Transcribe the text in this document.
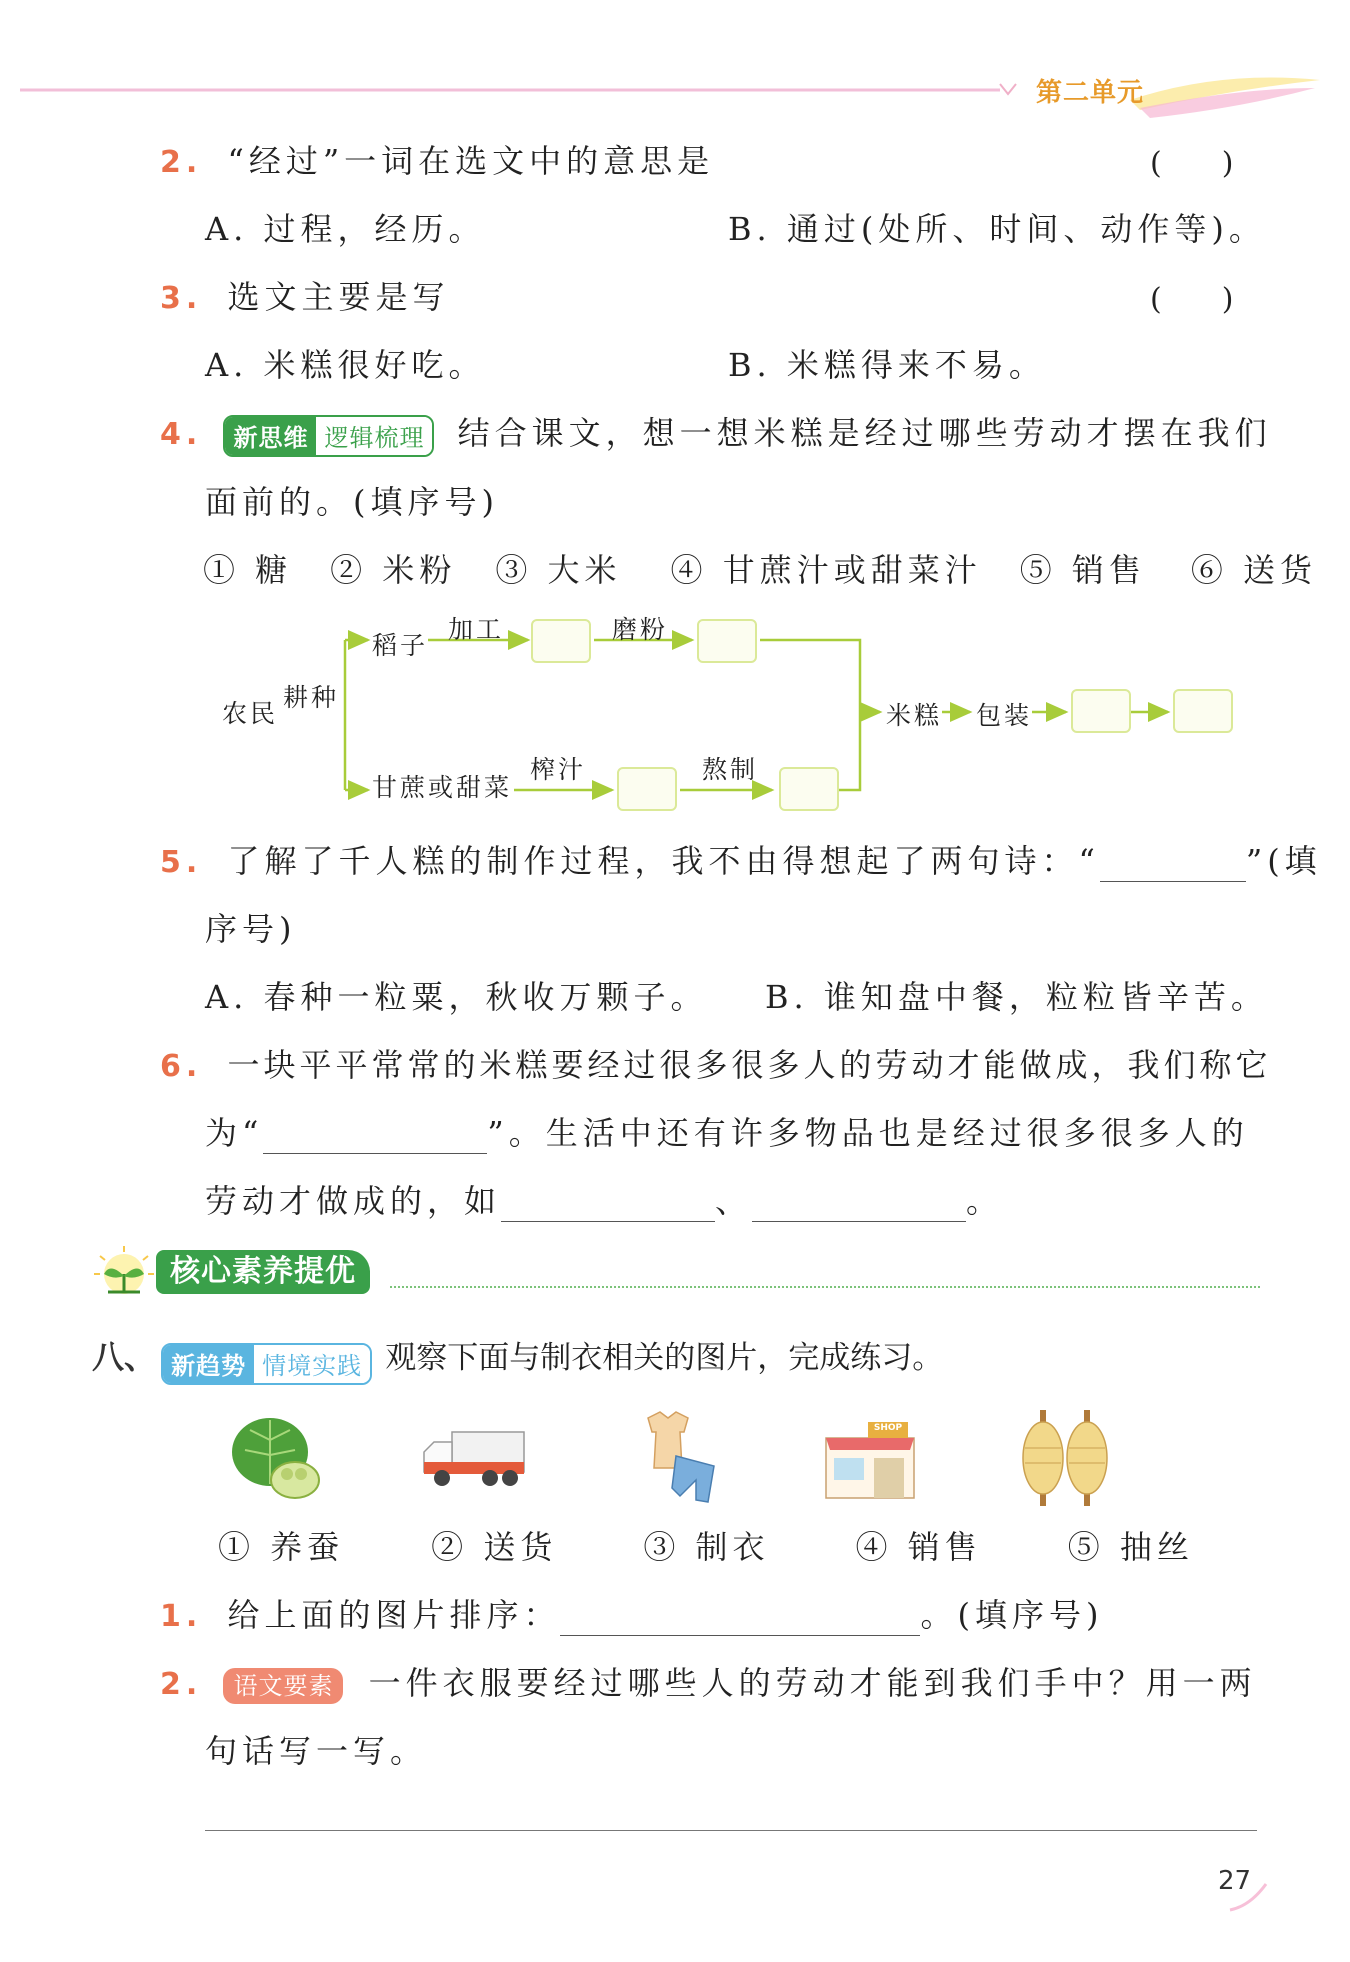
第二单元
2. “经过”一词在选文中的意思是	(　　)
A. 过程，经历。	B. 通过(处所、时间、动作等)。
3. 选文主要是写	(　　)
A. 米糕很好吃。	B. 米糕得来不易。
4.	新思维 逻辑梳理 结合课文，想一想米糕是经过哪些劳动才摆在我们
面前的。(填序号)
① 糖 ② 米粉 ③ 大米 ④ 甘蔗汁或甜菜汁 ⑤ 销售 ⑥ 送货
农民
耕种
稻子
加工	磨粉
甘蔗或甜菜
榨汁	熬制
米糕 包装
5. 了解了千人糕的制作过程，我不由得想起了两句诗：“	”(填
序号)
A. 春种一粒粟，秋收万颗子。 B. 谁知盘中餐，粒粒皆辛苦。
6. 一块平平常常的米糕要经过很多很多人的劳动才能做成，我们称它
为“	”。生活中还有许多物品也是经过很多很多人的
劳动才做成的，如	、	。
核心素养提优
八、 新趋势 情境实践 观察下面与制衣相关的图片，完成练习。
SHOP
① 养蚕	② 送货	③ 制衣	④ 销售	⑤ 抽丝
1. 给上面的图片排序：	。(填序号)
2. 语文要素 一件衣服要经过哪些人的劳动才能到我们手中？用一两
句话写一写。
27
